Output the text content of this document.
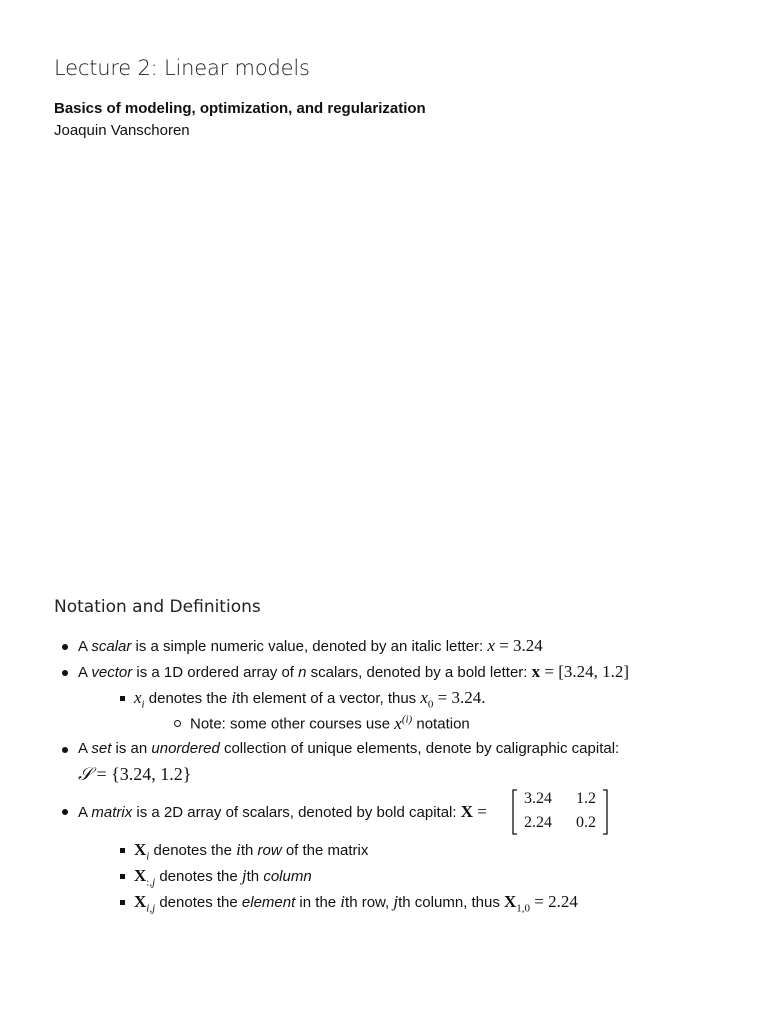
Lecture 2: Linear models
Basics of modeling, optimization, and regularization
Joaquin Vanschoren
Notation and Definitions
A scalar is a simple numeric value, denoted by an italic letter: x = 3.24
A vector is a 1D ordered array of n scalars, denoted by a bold letter: x = [3.24, 1.2]
$x_i$ denotes the ith element of a vector, thus $x_0 = 3.24$.
Note: some other courses use $x^{(i)}$ notation
A set is an unordered collection of unique elements, denote by caligraphic capital:
𝒮 = {3.24, 1.2}
A matrix is a 2D array of scalars, denoted by bold capital: X =
3.24 1.2
2.24 0.2
$X_i$ denotes the ith row of the matrix
$X_{:,j}$ denotes the jth column
$X_{i,j}$ denotes the element in the ith row, jth column, thus $X_{1,0} = 2.24$
